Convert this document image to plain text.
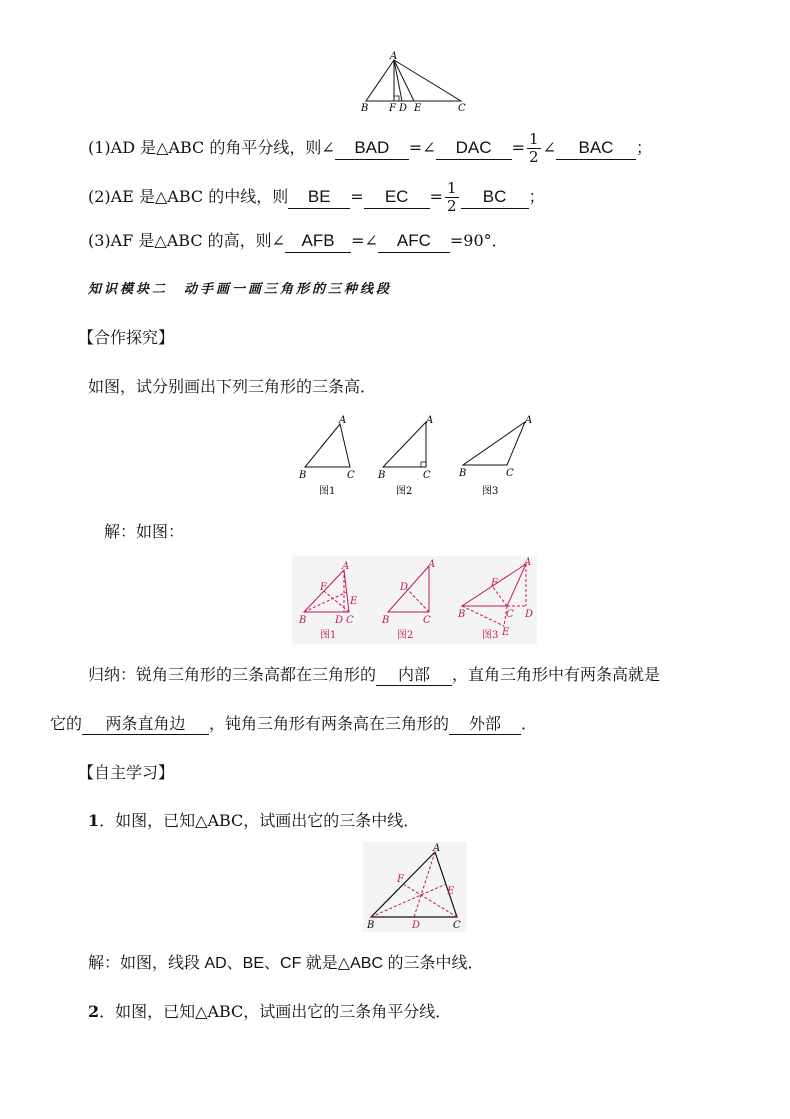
A
B F D E	C
(1)AD 是△ABC 的角平分线，则∠ BAD =∠ DAC = $\frac{1}{2}$ ∠ BAC ；
(2)AE 是△ABC 的中线，则 BE = EC = $\frac{1}{2}$ BC ；
(3)AF 是△ABC 的高，则∠ AFB =∠ AFC =90°．
知识模块二　动手画一画三角形的三种线段
【合作探究】
如图，试分别画出下列三角形的三条高．
A
B	C
图1
A
B	C
图2
A
B	C
图3
解：如图：
F
A
E
B	D C
D
A
B	C
F
A
B	C D
E
图1	图2	图3
归纳：锐角三角形的三条高都在三角形的 内部 ，直角三角形中有两条高就是
它的 两条直角边 ，钝角三角形有两条高在三角形的 外部 ．
【自主学习】
1．如图，已知△ABC，试画出它的三条中线．
A
F
E
B	D	C
解：如图，线段 AD、BE、CF 就是△ABC 的三条中线．
2．如图，已知△ABC，试画出它的三条角平分线．
